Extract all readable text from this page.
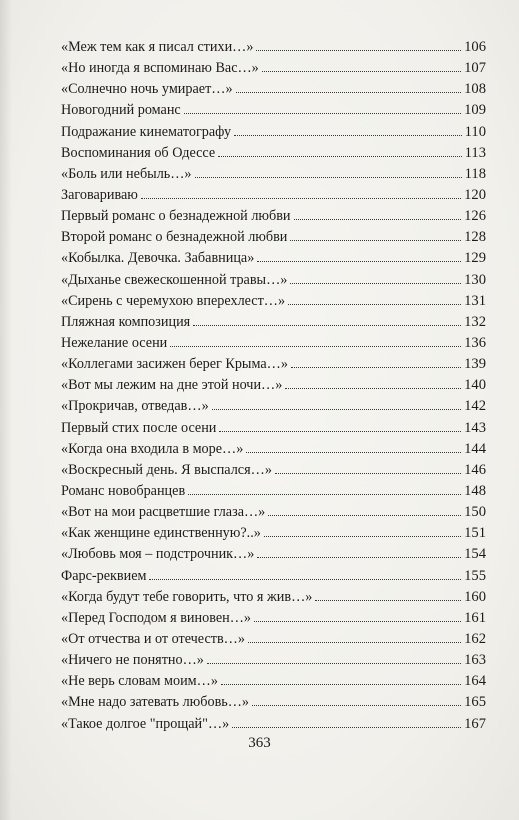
«Меж тем как я писал стихи…»	106
«Но иногда я вспоминаю Вас…»	107
«Солнечно ночь умирает…»	108
Новогодний романс	109
Подражание кинематографу	110
Воспоминания об Одессе	113
«Боль или небыль…»	118
Заговариваю	120
Первый романс о безнадежной любви	126
Второй романс о безнадежной любви	128
«Кобылка. Девочка. Забавница»	129
«Дыханье свежескошенной травы…»	130
«Сирень с черемухою вперехлест…»	131
Пляжная композиция	132
Нежелание осени	136
«Коллегами засижен берег Крыма…»	139
«Вот мы лежим на дне этой ночи…»	140
«Прокричав, отведав…»	142
Первый стих после осени	143
«Когда она входила в море…»	144
«Воскресный день. Я выспался…»	146
Романс новобранцев	148
«Вот на мои расцветшие глаза…»	150
«Как женщине единственную?..»	151
«Любовь моя – подстрочник…»	154
Фарс-реквием	155
«Когда будут тебе говорить, что я жив…»	160
«Перед Господом я виновен…»	161
«От отчества и от отечеств…»	162
«Ничего не понятно…»	163
«Не верь словам моим…»	164
«Мне надо затевать любовь…»	165
«Такое долгое "прощай"…»	167
363
